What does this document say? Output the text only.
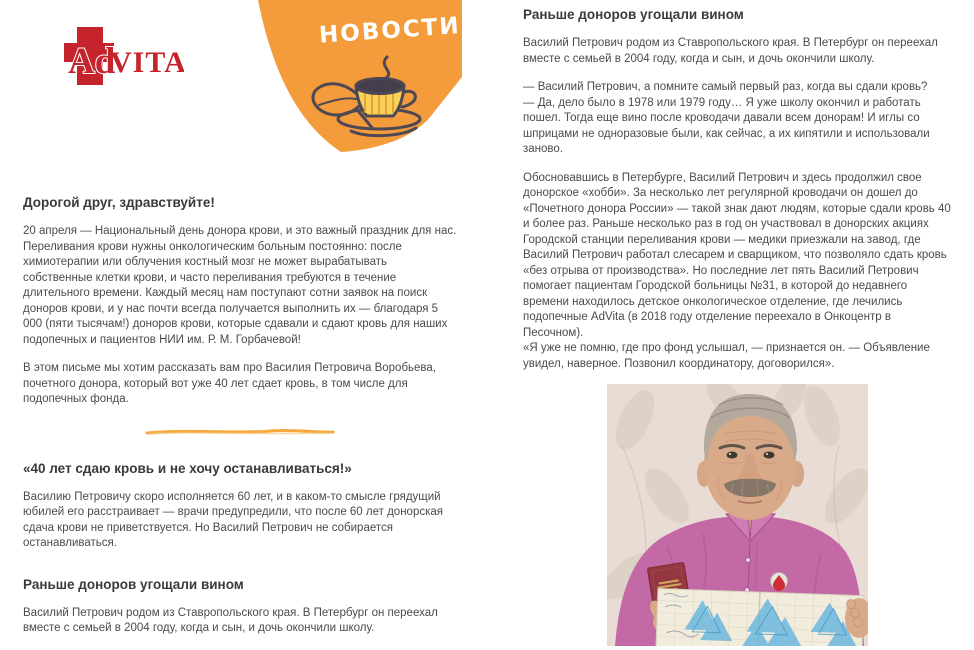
Ad
VITA
НОВОСТИ
Дорогой друг, здравствуйте!

20 апреля — Национальный день донора крови, и это важный праздник для нас. Переливания крови нужны онкологическим больным постоянно: после химиотерапии или облучения костный мозг не может вырабатывать собственные клетки крови, и часто переливания требуются в течение длительного времени. Каждый месяц нам поступают сотни заявок на поиск доноров крови, и у нас почти всегда получается выполнить их — благодаря 5 000 (пяти тысячам!) доноров крови, которые сдавали и сдают кровь для наших подопечных и пациентов НИИ им. Р. М. Горбачевой!

В этом письме мы хотим рассказать вам про Василия Петровича Воробьева, почетного донора, который вот уже 40 лет сдает кровь, в том числе для подопечных фонда.

«40 лет сдаю кровь и не хочу останавливаться!»

Василию Петровичу скоро исполняется 60 лет, и в каком-то смысле грядущий юбилей его расстраивает — врачи предупредили, что после 60 лет донорская сдача крови не приветствуется. Но Василий Петрович не собирается останавливаться.

Раньше доноров угощали вином

Василий Петрович родом из Ставропольского края. В Петербург он переехал вместе с семьей в 2004 году, когда и сын, и дочь окончили школу.

Раньше доноров угощали вином

Василий Петрович родом из Ставропольского края. В Петербург он переехал вместе с семьей в 2004 году, когда и сын, и дочь окончили школу.

— Василий Петрович, а помните самый первый раз, когда вы сдали кровь?
— Да, дело было в 1978 или 1979 году… Я уже школу окончил и работать пошел. Тогда еще вино после кроводачи давали всем донорам! И иглы со шприцами не одноразовые были, как сейчас, а их кипятили и использовали заново.

Обосновавшись в Петербурге, Василий Петрович и здесь продолжил свое донорское «хобби». За несколько лет регулярной кроводачи он дошел до «Почетного донора России» — такой знак дают людям, которые сдали кровь 40 и более раз. Раньше несколько раз в год он участвовал в донорских акциях Городской станции переливания крови — медики приезжали на завод, где Василий Петрович работал слесарем и сварщиком, что позволяло сдать кровь «без отрыва от производства». Но последние лет пять Василий Петрович помогает пациентам Городской больницы №31, в которой до недавнего времени находилось детское онкологическое отделение, где лечились подопечные AdVita (в 2018 году отделение переехало в Онкоцентр в Песочном).

«Я уже не помню, где про фонд услышал, — признается он. — Объявление увидел, наверное. Позвонил координатору, договорился».
